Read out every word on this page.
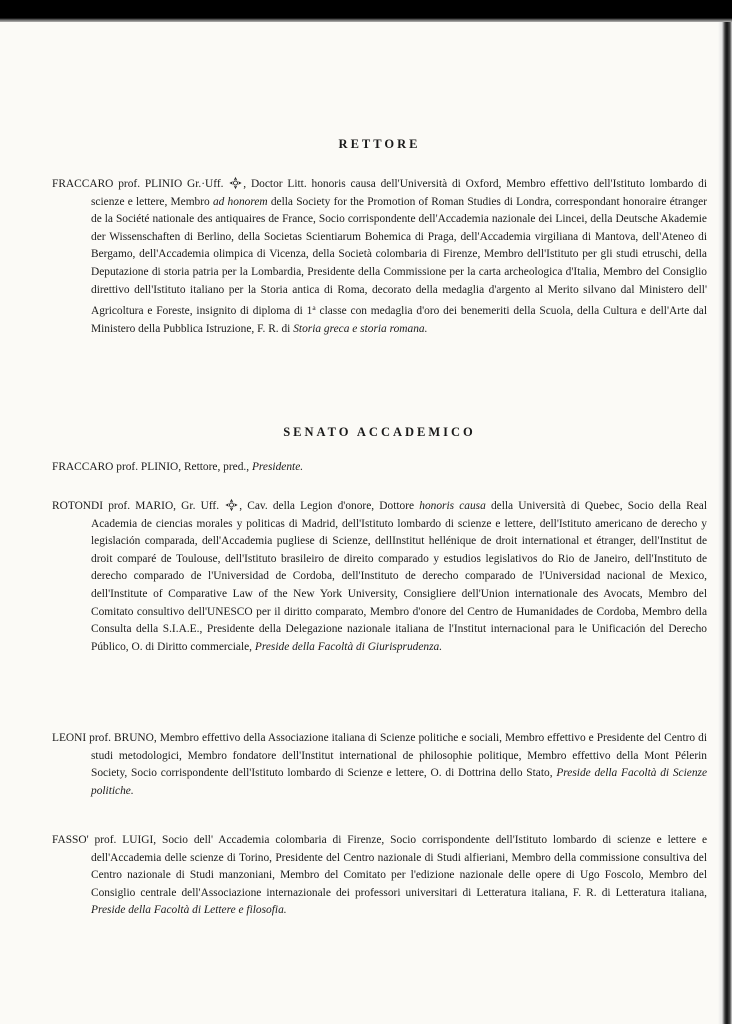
RETTORE
FRACCARO prof. PLINIO Gr.·Uff. , Doctor Litt. honoris causa dell'Università di Oxford, Membro effettivo dell'Istituto lombardo di scienze e lettere, Membro ad honorem della Society for the Promotion of Roman Studies di Londra, correspondant honoraire étranger de la Société nationale des antiquaires de France, Socio corrispondente dell'Accademia nazionale dei Lincei, della Deutsche Akademie der Wissenschaften di Berlino, della Societas Scientiarum Bohemica di Praga, dell'Accademia virgiliana di Mantova, dell'Ateneo di Bergamo, dell'Accademia olimpica di Vicenza, della Società colombaria di Firenze, Membro dell'Istituto per gli studi etruschi, della Deputazione di storia patria per la Lombardia, Presidente della Commissione per la carta archeologica d'Italia, Membro del Consiglio direttivo dell'Istituto italiano per la Storia antica di Roma, decorato della medaglia d'argento al Merito silvano dal Ministero dell' Agricoltura e Foreste, insignito di diploma di 1$^a$ classe con medaglia d'oro dei benemeriti della Scuola, della Cultura e dell'Arte dal Ministero della Pubblica Istruzione, F. R. di Storia greca e storia romana.
SENATO ACCADEMICO
FRACCARO prof. PLINIO, Rettore, pred., Presidente.
ROTONDI prof. MARIO, Gr. Uff. , Cav. della Legion d'onore, Dottore honoris causa della Università di Quebec, Socio della Real Academia de ciencias morales y politicas di Madrid, dell'Istituto lombardo di scienze e lettere, dell'Istituto americano de derecho y legislación comparada, dell'Accademia pugliese di Scienze, dellInstitut hellénique de droit international et étranger, dell'Institut de droit comparé de Toulouse, dell'Istituto brasileiro de direito comparado y estudios legislativos do Rio de Janeiro, dell'Instituto de derecho comparado de l'Universidad de Cordoba, dell'Instituto de derecho comparado de l'Universidad nacional de Mexico, dell'Institute of Comparative Law of the New York University, Consigliere dell'Union internationale des Avocats, Membro del Comitato consultivo dell'UNESCO per il diritto comparato, Membro d'onore del Centro de Humanidades de Cordoba, Membro della Consulta della S.I.A.E., Presidente della Delegazione nazionale italiana de l'Institut internacional para le Unificación del Derecho Público, O. di Diritto commerciale, Preside della Facoltà di Giurisprudenza.
LEONI prof. BRUNO, Membro effettivo della Associazione italiana di Scienze politiche e sociali, Membro effettivo e Presidente del Centro di studi metodologici, Membro fondatore dell'Institut international de philosophie politique, Membro effettivo della Mont Pélerin Society, Socio corrispondente dell'Istituto lombardo di Scienze e lettere, O. di Dottrina dello Stato, Preside della Facoltà di Scienze politiche.
FASSO' prof. LUIGI, Socio dell' Accademia colombaria di Firenze, Socio corrispondente dell'Istituto lombardo di scienze e lettere e dell'Accademia delle scienze di Torino, Presidente del Centro nazionale di Studi alfieriani, Membro della commissione consultiva del Centro nazionale di Studi manzoniani, Membro del Comitato per l'edizione nazionale delle opere di Ugo Foscolo, Membro del Consiglio centrale dell'Associazione internazionale dei professori universitari di Letteratura italiana, F. R. di Letteratura italiana, Preside della Facoltà di Lettere e filosofia.
